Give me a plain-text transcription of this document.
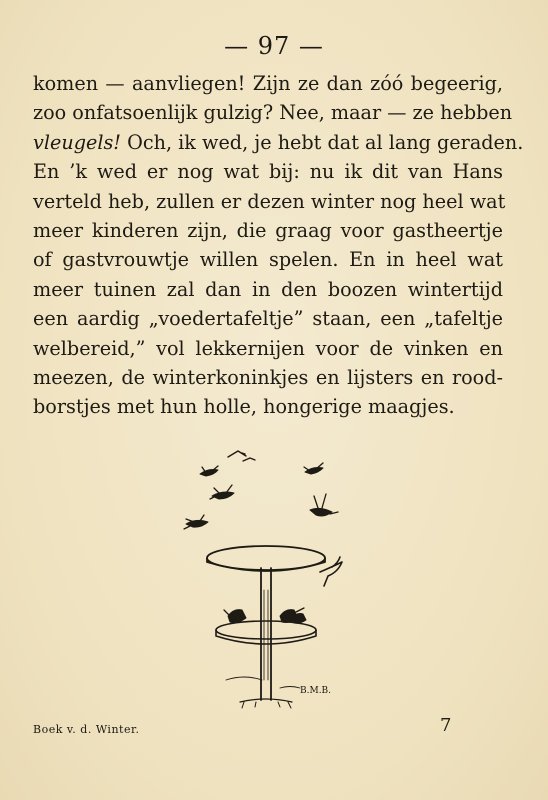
— 97 —
komen — aanvliegen! Zijn ze dan zóó begeerig,
zoo onfatsoenlijk gulzig? Nee, maar — ze hebben
vleugels! Och, ik wed, je hebt dat al lang geraden.
En ’k wed er nog wat bij: nu ik dit van Hans
verteld heb, zullen er dezen winter nog heel wat
meer kinderen zijn, die graag voor gastheertje
of gastvrouwtje willen spelen. En in heel wat
meer tuinen zal dan in den boozen wintertijd
een aardig „voedertafeltje” staan, een „tafeltje
welbereid,” vol lekkernijen voor de vinken en
meezen, de winterkoninkjes en lijsters en rood-
borstjes met hun holle, hongerige maagjes.
B.M.B.
Boek v. d. Winter.	7
